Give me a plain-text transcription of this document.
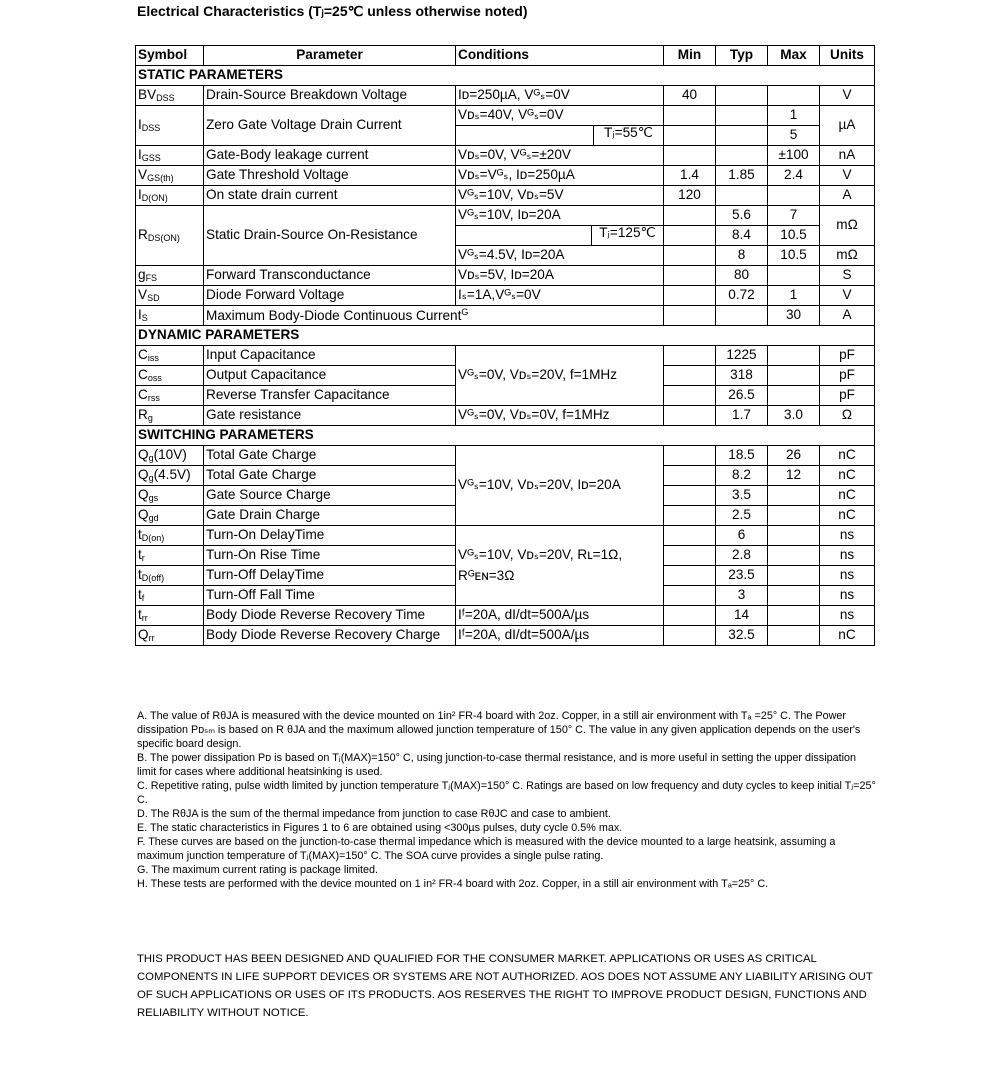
Electrical Characteristics (Tⱼ=25℃ unless otherwise noted)
Symbol	Parameter	Conditions	Min	Typ	Max	Units
STATIC PARAMETERS						
$BV_{DSS}$	Drain-Source Breakdown Voltage	Iᴅ=250µA, Vᴳₛ=0V	40			V
$I_{DSS}$	Zero Gate Voltage Drain Current	Vᴅₛ=40V, Vᴳₛ=0V			1	µA

		Tⱼ=55℃			5	
$I_{GSS}$	Gate-Body leakage current	Vᴅₛ=0V, Vᴳₛ=±20V			±100	nA
$V_{GS(th)}$	Gate Threshold Voltage	Vᴅₛ=Vᴳₛ, Iᴅ=250µA	1.4	1.85	2.4	V
$I_{D(ON)}$	On state drain current	Vᴳₛ=10V, Vᴅₛ=5V	120			A
$R_{DS(ON)}$	Static Drain-Source On-Resistance	Vᴳₛ=10V, Iᴅ=20A		5.6	7	mΩ

		Tⱼ=125℃		8.4	10.5	
		Vᴳₛ=4.5V, Iᴅ=20A		8	10.5	mΩ
$g_{FS}$	Forward Transconductance	Vᴅₛ=5V, Iᴅ=20A		80		S
$V_{SD}$	Diode Forward Voltage	Iₛ=1A,Vᴳₛ=0V		0.72	1	V
$I_S$	Maximum Body-Diode Continuous Current$^G$				30	A
DYNAMIC PARAMETERS						
$C_{iss}$	Input Capacitance	Vᴳₛ=0V, Vᴅₛ=20V, f=1MHz		1225		pF
$C_{oss}$	Output Capacitance			318		pF
$C_{rss}$	Reverse Transfer Capacitance			26.5		pF
$R_g$	Gate resistance	Vᴳₛ=0V, Vᴅₛ=0V, f=1MHz		1.7	3.0	Ω
SWITCHING PARAMETERS						
$Q_g(10V)$	Total Gate Charge	Vᴳₛ=10V, Vᴅₛ=20V, Iᴅ=20A		18.5	26	nC
$Q_g(4.5V)$	Total Gate Charge			8.2	12	nC
$Q_{gs}$	Gate Source Charge			3.5		nC
$Q_{gd}$	Gate Drain Charge			2.5		nC
$t_{D(on)}$	Turn-On DelayTime	Vᴳₛ=10V, Vᴅₛ=20V, Rʟ=1Ω,
Rᴳᴇɴ=3Ω		6		ns
$t_r$	Turn-On Rise Time			2.8		ns
$t_{D(off)}$	Turn-Off DelayTime			23.5		ns
$t_f$	Turn-Off Fall Time			3		ns
$t_{rr}$	Body Diode Reverse Recovery Time	Iᶠ=20A, dI/dt=500A/µs		14		ns
$Q_{rr}$	Body Diode Reverse Recovery Charge	Iᶠ=20A, dI/dt=500A/µs		32.5		nC

A. The value of RθJA is measured with the device mounted on 1in² FR-4 board with 2oz. Copper, in a still air environment with Tₐ =25° C. The Power dissipation Pᴅₛₘ is based on R θJA and the maximum allowed junction temperature of 150° C. The value in any given application depends on the user's specific board design.

B. The power dissipation Pᴅ is based on Tⱼ(MAX)=150° C, using junction-to-case thermal resistance, and is more useful in setting the upper dissipation limit for cases where additional heatsinking is used.

C. Repetitive rating, pulse width limited by junction temperature Tⱼ(MAX)=150° C. Ratings are based on low frequency and duty cycles to keep initial Tⱼ=25° C.

D. The RθJA is the sum of the thermal impedance from junction to case RθJC and case to ambient.

E. The static characteristics in Figures 1 to 6 are obtained using <300µs pulses, duty cycle 0.5% max.

F. These curves are based on the junction-to-case thermal impedance which is measured with the device mounted to a large heatsink, assuming a maximum junction temperature of Tⱼ(MAX)=150° C. The SOA curve provides a single pulse rating.

G. The maximum current rating is package limited.

H. These tests are performed with the device mounted on 1 in² FR-4 board with 2oz. Copper, in a still air environment with Tₐ=25° C.

THIS PRODUCT HAS BEEN DESIGNED AND QUALIFIED FOR THE CONSUMER MARKET. APPLICATIONS OR USES AS CRITICAL COMPONENTS IN LIFE SUPPORT DEVICES OR SYSTEMS ARE NOT AUTHORIZED. AOS DOES NOT ASSUME ANY LIABILITY ARISING OUT OF SUCH APPLICATIONS OR USES OF ITS PRODUCTS. AOS RESERVES THE RIGHT TO IMPROVE PRODUCT DESIGN, FUNCTIONS AND RELIABILITY WITHOUT NOTICE.
